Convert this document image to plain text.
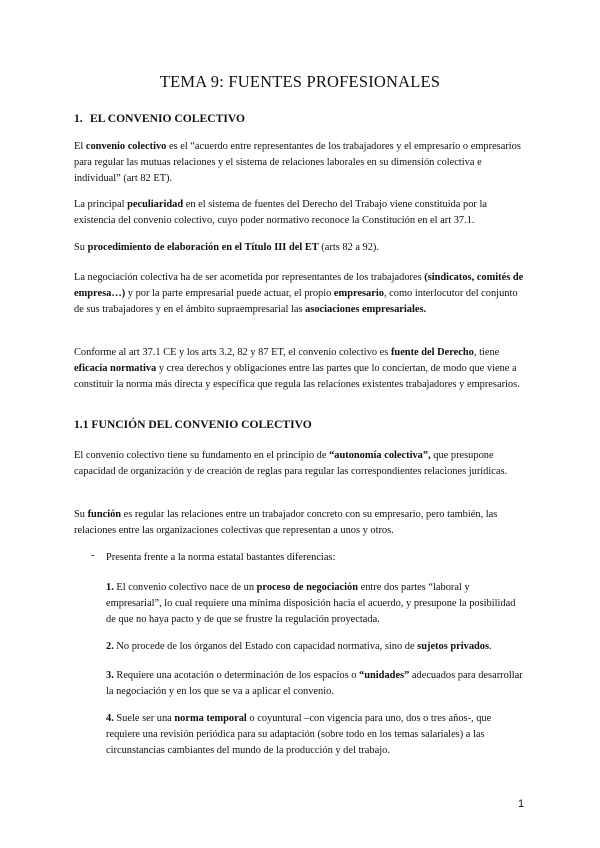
TEMA 9: FUENTES PROFESIONALES
1. EL CONVENIO COLECTIVO
El convenio colectivo es el “acuerdo entre representantes de los trabajadores y el empresario o empresarios para regular las mutuas relaciones y el sistema de relaciones laborales en su dimensión colectiva e individual” (art 82 ET).
La principal peculiaridad en el sistema de fuentes del Derecho del Trabajo viene constituida por la existencia del convenio colectivo, cuyo poder normativo reconoce la Constitución en el art 37.1.
Su procedimiento de elaboración en el Título III del ET (arts 82 a 92).
La negociación colectiva ha de ser acometida por representantes de los trabajadores (sindicatos, comités de empresa…) y por la parte empresarial puede actuar, el propio empresario, como interlocutor del conjunto de sus trabajadores y en el ámbito supraempresarial las asociaciones empresariales.
Conforme al art 37.1 CE y los arts 3.2, 82 y 87 ET, el convenio colectivo es fuente del Derecho, tiene eficacia normativa y crea derechos y obligaciones entre las partes que lo conciertan, de modo que viene a constituir la norma más directa y específica que regula las relaciones existentes trabajadores y empresarios.
1.1 FUNCIÓN DEL CONVENIO COLECTIVO
El convenio colectivo tiene su fundamento en el principio de “autonomía colectiva”, que presupone capacidad de organización y de creación de reglas para regular las correspondientes relaciones jurídicas.
Su función es regular las relaciones entre un trabajador concreto con su empresario, pero también, las relaciones entre las organizaciones colectivas que representan a unos y otros.
- Presenta frente a la norma estatal bastantes diferencias:
1. El convenio colectivo nace de un proceso de negociación entre dos partes “laboral y empresarial”, lo cual requiere una mínima disposición hacia el acuerdo, y presupone la posibilidad de que no haya pacto y de que se frustre la regulación proyectada.
2. No procede de los órganos del Estado con capacidad normativa, sino de sujetos privados.
3. Requiere una acotación o determinación de los espacios o “unidades” adecuados para desarrollar la negociación y en los que se va a aplicar el convenio.
4. Suele ser una norma temporal o coyuntural –con vigencia para uno, dos o tres años-, que requiere una revisión periódica para su adaptación (sobre todo en los temas salariales) a las circunstancias cambiantes del mundo de la producción y del trabajo.
1
